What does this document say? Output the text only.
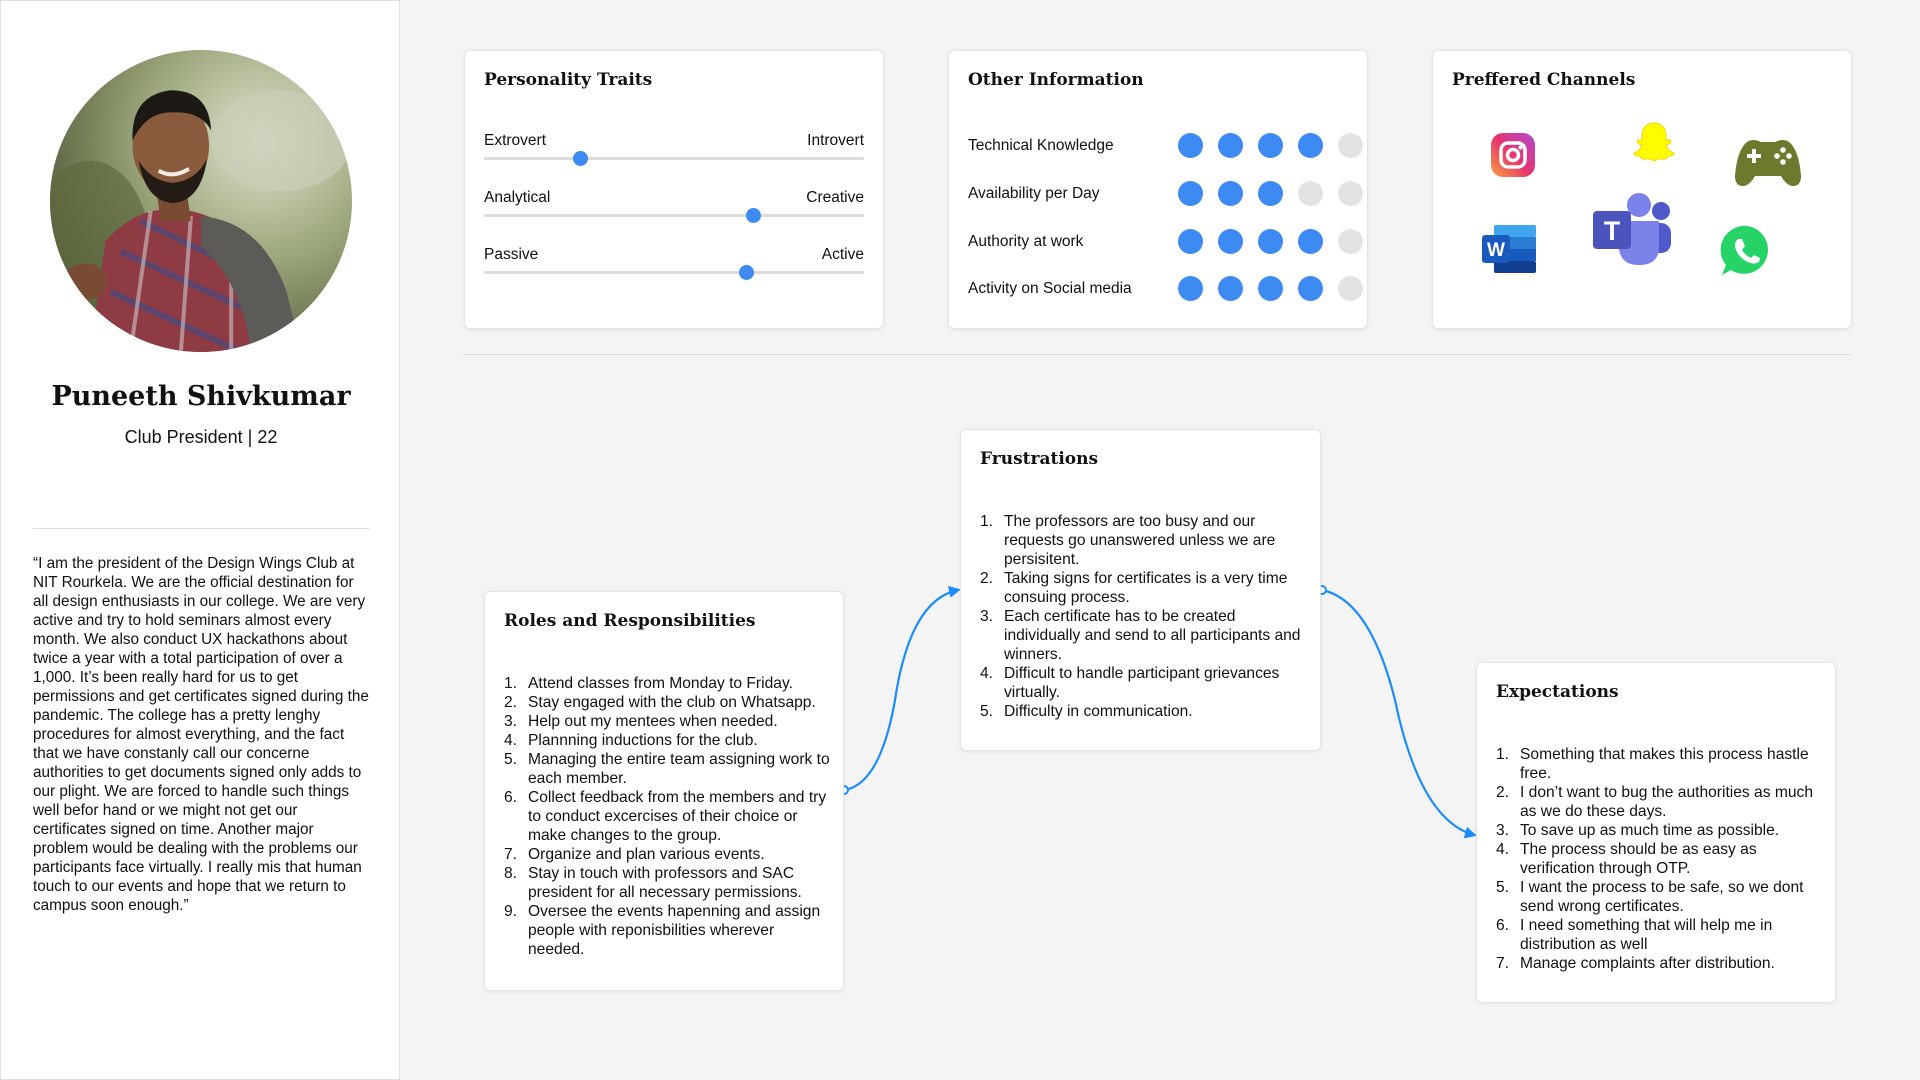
Puneeth Shivkumar
Club President | 22
“I am the president of the Design Wings Club at NIT Rourkela. We are the official destination for all design enthusiasts in our college. We are very active and try to hold seminars almost every month. We also conduct UX hackathons about twice a year with a total participation of over a 1,000. It’s been really hard for us to get permissions and get certificates signed during the pandemic. The college has a pretty lenghy procedures for almost everything, and the fact that we have constanly call our concerne authorities to get documents signed only adds to our plight. We are forced to handle such things well befor hand or we might not get our certificates signed on time. Another major problem would be dealing with the problems our participants face virtually. I really mis that human touch to our events and hope that we return to campus soon enough.”
Personality Traits
Extrovert	Introvert
Analytical	Creative
Passive	Active
Other Information
Technical Knowledge
Availability per Day
Authority at work
Activity on Social media
Preffered Channels
W
T
Roles and Responsibilities
1. Attend classes from Monday to Friday.
2. Stay engaged with the club on Whatsapp.
3. Help out my mentees when needed.
4. Plannning inductions for the club.
5. Managing the entire team assigning work to each member.
6. Collect feedback from the members and try to conduct excercises of their choice or make changes to the group.
7. Organize and plan various events.
8. Stay in touch with professors and SAC president for all necessary permissions.
9. Oversee the events hapenning and assign people with reponisbilities wherever needed.
Frustrations
1. The professors are too busy and our requests go unanswered unless we are persisitent.
2. Taking signs for certificates is a very time consuing process.
3. Each certificate has to be created individually and send to all participants and winners.
4. Difficult to handle participant grievances virtually.
5. Difficulty in communication.
Expectations
1. Something that makes this process hastle free.
2. I don’t want to bug the authorities as much as we do these days.
3. To save up as much time as possible.
4. The process should be as easy as verification through OTP.
5. I want the process to be safe, so we dont send wrong certificates.
6. I need something that will help me in distribution as well
7. Manage complaints after distribution.
